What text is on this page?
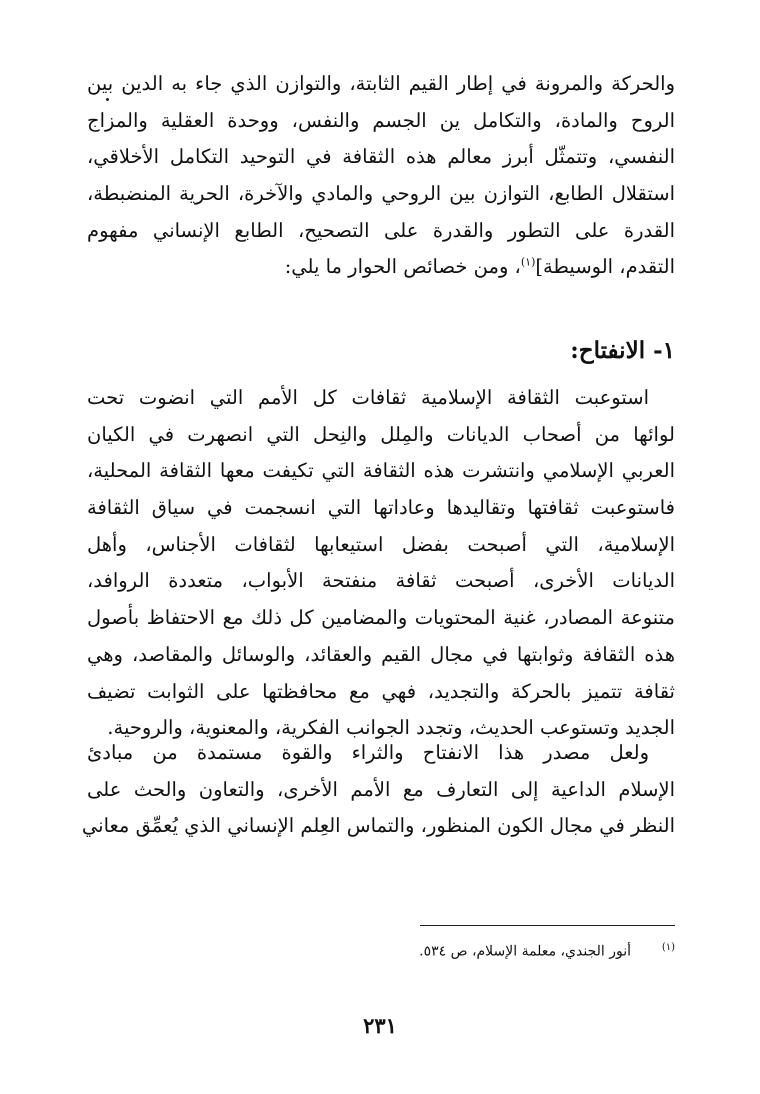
والحركة والمرونة في إطار القيم الثابتة، والتوازن الذي جاء به الدين بين
الروح والمادة، والتكامل ين الجسم والنفس، ووحدة العقلية والمزاج
النفسي، وتتمثّل أبرز معالم هذه الثقافة في التوحيد التكامل الأخلاقي،
استقلال الطابع، التوازن بين الروحي والمادي والآخرة، الحرية المنضبطة،
القدرة على التطور والقدرة على التصحيح، الطابع الإنساني مفهوم
التقدم، الوسيطة]$^{(١)}$، ومن خصائص الحوار ما يلي:
١- الانفتاح:
استوعبت الثقافة الإسلامية ثقافات كل الأمم التي انضوت تحت
لوائها من أصحاب الديانات والمِلل والنِحل التي انصهرت في الكيان
العربي الإسلامي وانتشرت هذه الثقافة التي تكيفت معها الثقافة المحلية،
فاستوعبت ثقافتها وتقاليدها وعاداتها التي انسجمت في سياق الثقافة
الإسلامية، التي أصبحت بفضل استيعابها لثقافات الأجناس، وأهل
الديانات الأخرى، أصبحت ثقافة منفتحة الأبواب، متعددة الروافد،
متنوعة المصادر، غنية المحتويات والمضامين كل ذلك مع الاحتفاظ بأصول
هذه الثقافة وثوابتها في مجال القيم والعقائد، والوسائل والمقاصد، وهي
ثقافة تتميز بالحركة والتجديد، فهي مع محافظتها على الثوابت تضيف
الجديد وتستوعب الحديث، وتجدد الجوانب الفكرية، والمعنوية، والروحية.
ولعل مصدر هذا الانفتاح والثراء والقوة مستمدة من مبادئ
الإسلام الداعية إلى التعارف مع الأمم الأخرى، والتعاون والحث على
النظر في مجال الكون المنظور، والتماس العِلم الإنساني الذي يُعمِّق معاني
(١)أنور الجندي، معلمة الإسلام، ص ٥٣٤.
٢٣١
